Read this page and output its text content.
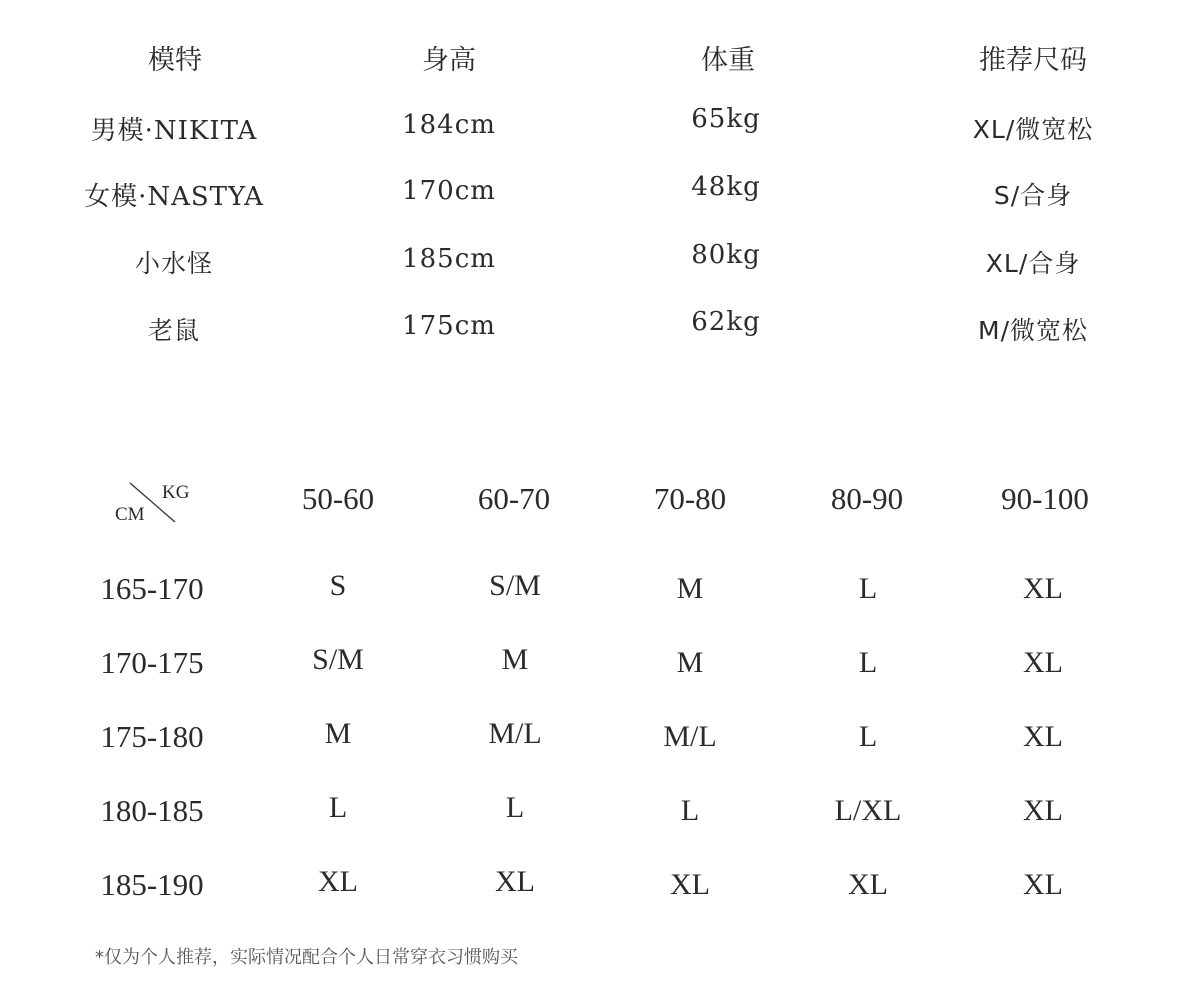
模特	身高	体重	推荐尺码
男模·NIKITA	184cm	65kg	XL/微宽松
女模·NASTYA	170cm	48kg	S/合身
小水怪	185cm	80kg	XL/合身
老鼠	175cm	62kg	M/微宽松
CM
KG	50-60	60-70	70-80	80-90	90-100
165-170	S	S/M	M	L	XL
170-175	S/M	M	M	L	XL
175-180	M	M/L	M/L	L	XL
180-185	L	L	L	L/XL	XL
185-190	XL	XL	XL	XL	XL
*仅为个人推荐，实际情况配合个人日常穿衣习惯购买
